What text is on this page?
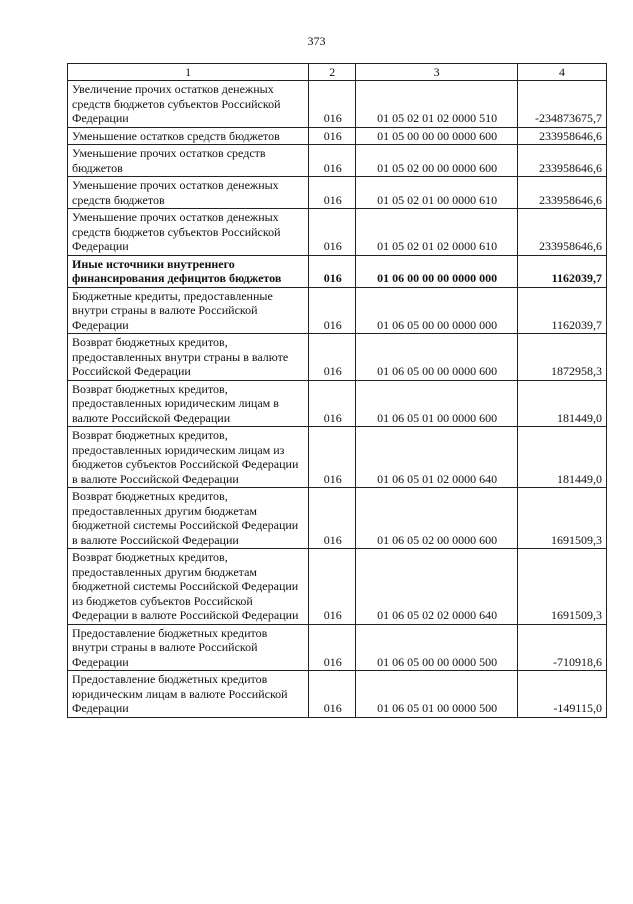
373
1	2	3	4
Увеличение прочих остатков денежных средств бюджетов субъектов Российской Федерации	016	01 05 02 01 02 0000 510	-234873675,7
Уменьшение остатков средств бюджетов	016	01 05 00 00 00 0000 600	233958646,6
Уменьшение прочих остатков средств бюджетов	016	01 05 02 00 00 0000 600	233958646,6
Уменьшение прочих остатков денежных средств бюджетов	016	01 05 02 01 00 0000 610	233958646,6
Уменьшение прочих остатков денежных средств бюджетов субъектов Российской Федерации	016	01 05 02 01 02 0000 610	233958646,6
Иные источники внутреннего финансирования дефицитов бюджетов	016	01 06 00 00 00 0000 000	1162039,7
Бюджетные кредиты, предоставленные внутри страны в валюте Российской Федерации	016	01 06 05 00 00 0000 000	1162039,7
Возврат бюджетных кредитов, предоставленных внутри страны в валюте Российской Федерации	016	01 06 05 00 00 0000 600	1872958,3
Возврат бюджетных кредитов, предоставленных юридическим лицам в валюте Российской Федерации	016	01 06 05 01 00 0000 600	181449,0
Возврат бюджетных кредитов, предоставленных юридическим лицам из бюджетов субъектов Российской Федерации в валюте Российской Федерации	016	01 06 05 01 02 0000 640	181449,0
Возврат бюджетных кредитов, предоставленных другим бюджетам бюджетной системы Российской Федерации в валюте Российской Федерации	016	01 06 05 02 00 0000 600	1691509,3
Возврат бюджетных кредитов, предоставленных другим бюджетам бюджетной системы Российской Федерации из бюджетов субъектов Российской Федерации в валюте Российской Федерации	016	01 06 05 02 02 0000 640	1691509,3
Предоставление бюджетных кредитов внутри страны в валюте Российской Федерации	016	01 06 05 00 00 0000 500	-710918,6
Предоставление бюджетных кредитов юридическим лицам в валюте Российской Федерации	016	01 06 05 01 00 0000 500	-149115,0
